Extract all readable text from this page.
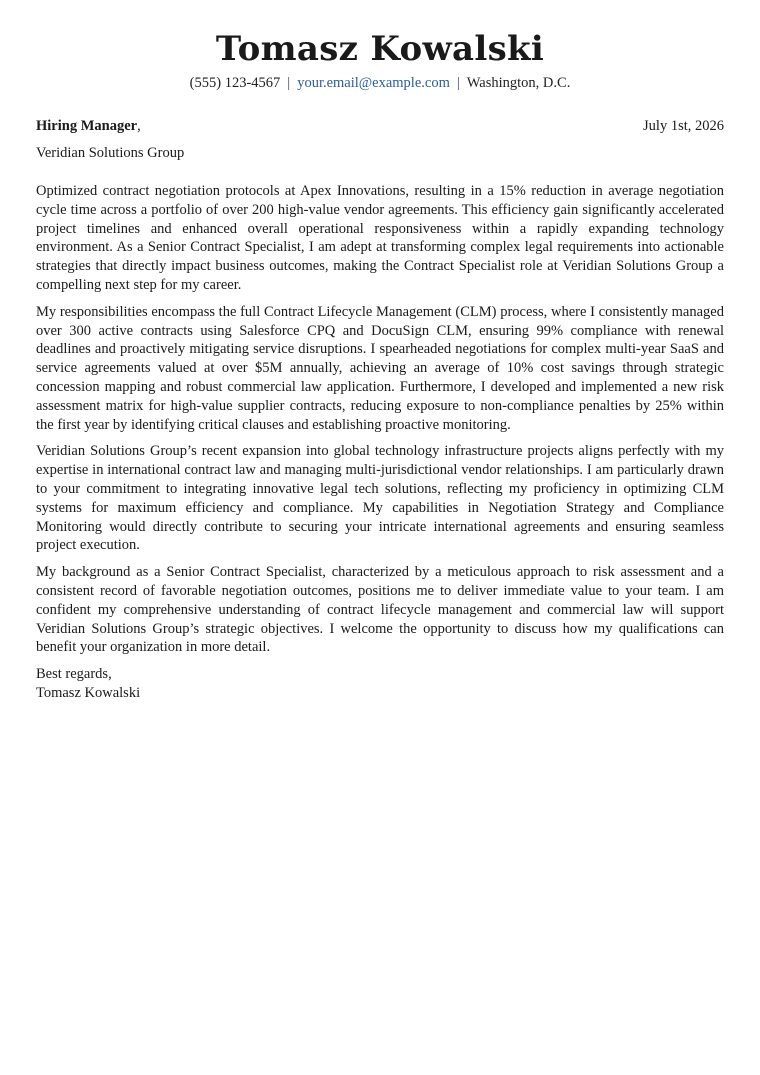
Tomasz Kowalski
(555) 123-4567 | your.email@example.com | Washington, D.C.
Hiring Manager,	July 1st, 2026
Veridian Solutions Group

Optimized contract negotiation protocols at Apex Innovations, resulting in a 15% reduction in average negotiation cycle time across a portfolio of over 200 high-value vendor agreements. This efficiency gain significantly accelerated project timelines and enhanced overall operational responsiveness within a rapidly expanding technology environment. As a Senior Contract Specialist, I am adept at transforming complex legal requirements into actionable strategies that directly impact business outcomes, making the Contract Specialist role at Veridian Solutions Group a compelling next step for my career.

My responsibilities encompass the full Contract Lifecycle Management (CLM) process, where I consistently managed over 300 active contracts using Salesforce CPQ and DocuSign CLM, ensuring 99% compliance with renewal deadlines and proactively mitigating service disruptions. I spearheaded negotiations for complex multi-year SaaS and service agreements valued at over $5M annually, achieving an average of 10% cost savings through strategic concession mapping and robust commercial law application. Furthermore, I developed and implemented a new risk assessment matrix for high-value supplier contracts, reducing exposure to non-compliance penalties by 25% within the first year by identifying critical clauses and establishing proactive monitoring.

Veridian Solutions Group’s recent expansion into global technology infrastructure projects aligns perfectly with my expertise in international contract law and managing multi-jurisdictional vendor relationships. I am particularly drawn to your commitment to integrating innovative legal tech solutions, reflecting my proficiency in optimizing CLM systems for maximum efficiency and compliance. My capabilities in Negotiation Strategy and Compliance Monitoring would directly contribute to securing your intricate international agreements and ensuring seamless project execution.

My background as a Senior Contract Specialist, characterized by a meticulous approach to risk assessment and a consistent record of favorable negotiation outcomes, positions me to deliver immediate value to your team. I am confident my comprehensive understanding of contract lifecycle management and commercial law will support Veridian Solutions Group’s strategic objectives. I welcome the opportunity to discuss how my qualifications can benefit your organization in more detail.

Best regards,
Tomasz Kowalski
